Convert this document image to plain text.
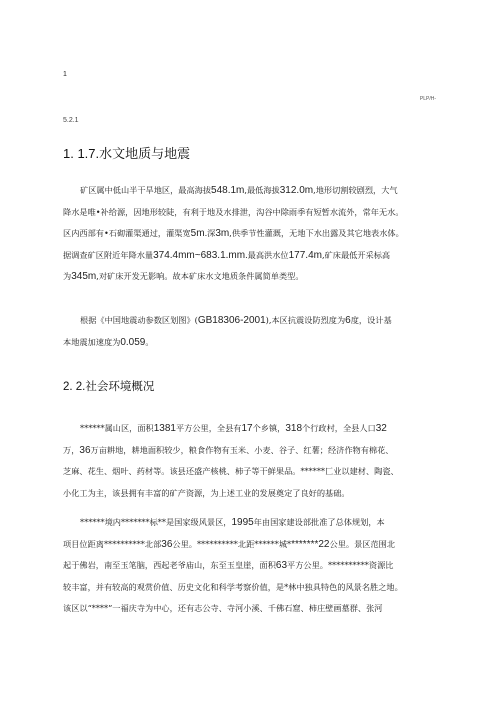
1
PLP/H-
5.2.1
1. 1.7.水文地质与地震
矿区属中低山半干旱地区，最高海拔548.1m,最低海拔312.0m,地形切割较剧烈，大气
降水是唯•补给源，因地形较陡，有利于地及水排泄，沟谷中除雨季有短暂水流外，常年无水。
区内西部有•石砌灌渠通过，灌渠宽5m.深3m,供季节性灌溉，无地下水出露及其它地表水体。
据调查矿区附近年降水量374.4mm~683.1.mm.最高洪水位177.4m,矿床最低开采标高
为345m,对矿床开发无影响。故本矿床水文地质条件属简单类型。
根据《中国地震动参数区划图》(GB18306-2001),本区抗震设防烈度为6度，设计基
本地震加速度为0.059。
2. 2.社会环境概况
******属山区，面积1381平方公里，全县有17个乡镇，318个行政村，全县人口32
万，36万亩耕地，耕地面积较少，粮食作物有玉米、小麦、谷子、红薯；经济作物有棉花、
芝麻、花生、烟叶、药材等。该县还盛产核桃、柿子等干鲜果品。******匚业以建材、陶瓷、
小化工为主，该县拥有丰富的矿产资源，为上述工业的发展奠定了良好的基础。
******境内*******标**是国家级风景区，1995年由国家建设部批准了总体规划，本
项目位距离**********北部36公里。**********北距******城********22公里。景区范围北
起于佛岩，南至玉笔脑，西起老爷庙山，东至玉皇崖，面积63平方公里。**********资源比
较丰富，并有较高的观赏价值、历史文化和科学考察价值，是*林中独具特色的风景名胜之地。
该区以“****”一福庆寺为中心，还有志公寺、寺河小溪、千佛石窟、柿庄壁画墓群、张河
